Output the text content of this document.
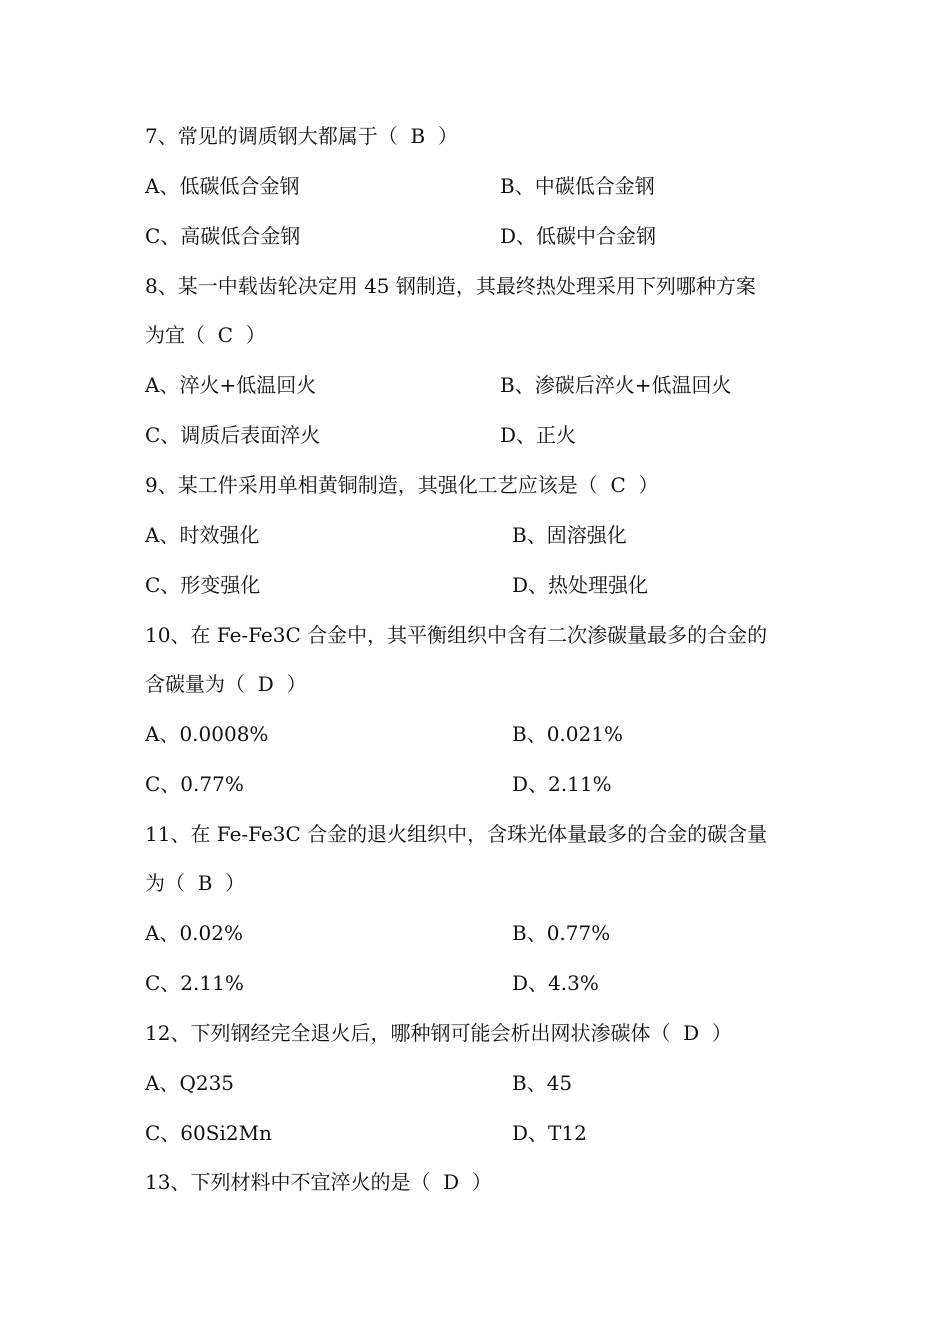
7、常见的调质钢大都属于（  B  ）
A、低碳低合金钢	B、中碳低合金钢
C、高碳低合金钢	D、低碳中合金钢
8、某一中载齿轮决定用 45 钢制造，其最终热处理采用下列哪种方案
为宜（  C  ）
A、淬火+低温回火	B、渗碳后淬火+低温回火
C、调质后表面淬火	D、正火
9、某工件采用单相黄铜制造，其强化工艺应该是（  C  ）
A、时效强化	B、固溶强化
C、形变强化	D、热处理强化
10、在 Fe-Fe3C 合金中，其平衡组织中含有二次渗碳量最多的合金的
含碳量为（  D  ）
A、0.0008%	B、0.021%
C、0.77%	D、2.11%
11、在 Fe-Fe3C 合金的退火组织中，含珠光体量最多的合金的碳含量
为（  B  ）
A、0.02%	B、0.77%
C、2.11%	D、4.3%
12、下列钢经完全退火后，哪种钢可能会析出网状渗碳体（  D  ）
A、Q235	B、45
C、60Si2Mn	D、T12
13、下列材料中不宜淬火的是（  D  ）
